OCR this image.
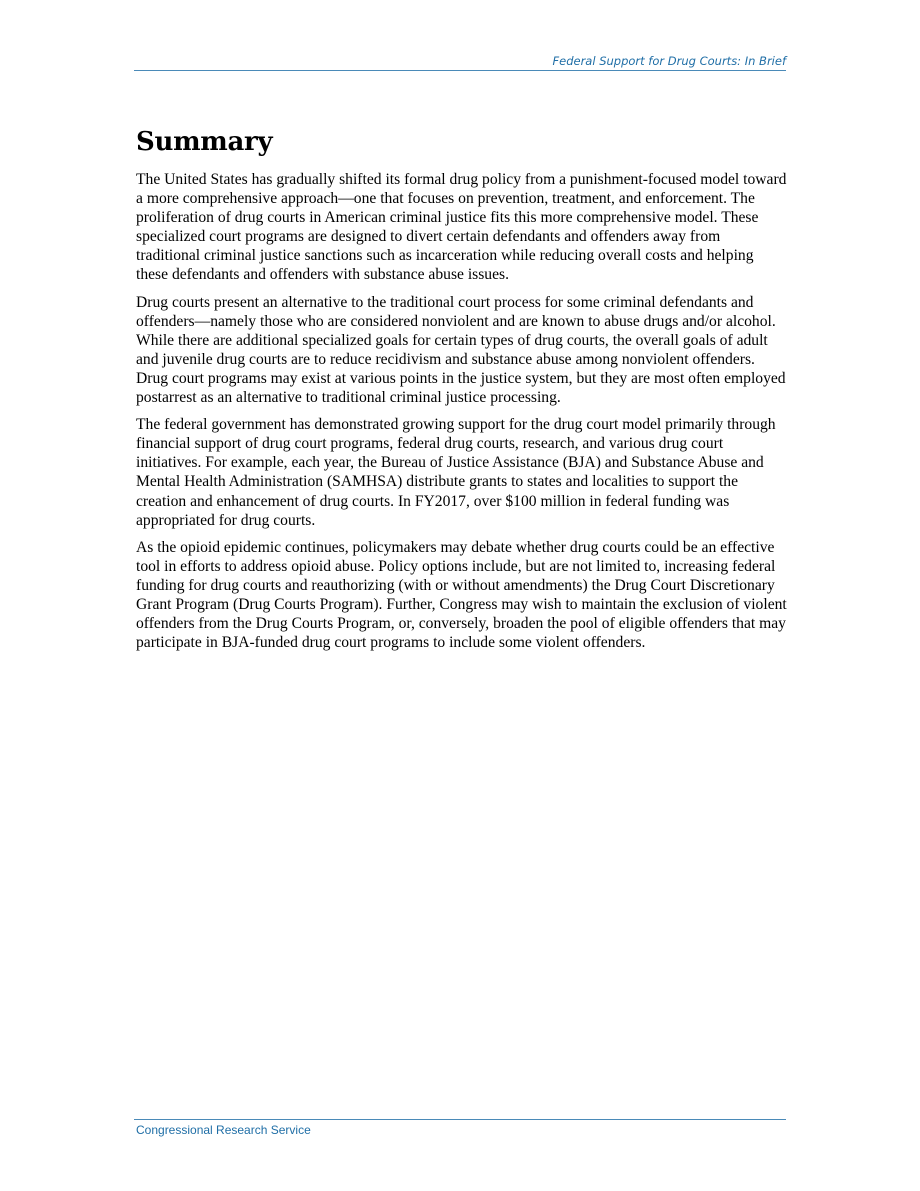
Federal Support for Drug Courts: In Brief
Summary

The United States has gradually shifted its formal drug policy from a punishment-focused model toward a more comprehensive approach—one that focuses on prevention, treatment, and enforcement. The proliferation of drug courts in American criminal justice fits this more comprehensive model. These specialized court programs are designed to divert certain defendants and offenders away from traditional criminal justice sanctions such as incarceration while reducing overall costs and helping these defendants and offenders with substance abuse issues.

Drug courts present an alternative to the traditional court process for some criminal defendants and offenders—namely those who are considered nonviolent and are known to abuse drugs and/or alcohol. While there are additional specialized goals for certain types of drug courts, the overall goals of adult and juvenile drug courts are to reduce recidivism and substance abuse among nonviolent offenders. Drug court programs may exist at various points in the justice system, but they are most often employed postarrest as an alternative to traditional criminal justice processing.

The federal government has demonstrated growing support for the drug court model primarily through financial support of drug court programs, federal drug courts, research, and various drug court initiatives. For example, each year, the Bureau of Justice Assistance (BJA) and Substance Abuse and Mental Health Administration (SAMHSA) distribute grants to states and localities to support the creation and enhancement of drug courts. In FY2017, over $100 million in federal funding was appropriated for drug courts.

As the opioid epidemic continues, policymakers may debate whether drug courts could be an effective tool in efforts to address opioid abuse. Policy options include, but are not limited to, increasing federal funding for drug courts and reauthorizing (with or without amendments) the Drug Court Discretionary Grant Program (Drug Courts Program). Further, Congress may wish to maintain the exclusion of violent offenders from the Drug Courts Program, or, conversely, broaden the pool of eligible offenders that may participate in BJA-funded drug court programs to include some violent offenders.

Congressional Research Service
